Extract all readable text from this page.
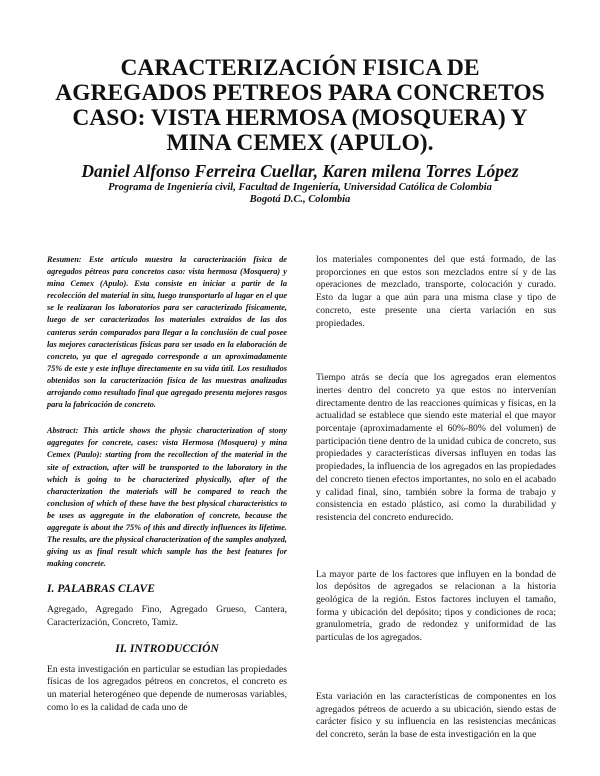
CARACTERIZACIÓN FISICA DE
AGREGADOS PETREOS PARA CONCRETOS
CASO: VISTA HERMOSA (MOSQUERA) Y
MINA CEMEX (APULO).

Daniel Alfonso Ferreira Cuellar, Karen milena Torres López

Programa de Ingeniería civil, Facultad de Ingeniería, Universidad Católica de Colombia
Bogotá D.C., Colombia

Resumen: Este artículo muestra la caracterización física de agregados pétreos para concretos caso: vista hermosa (Mosquera) y mina Cemex (Apulo). Esta consiste en iniciar a partir de la recolección del material in situ, luego transportarlo al lugar en el que se le realizaran los laboratorios para ser caracterizado físicamente, luego de ser caracterizados los materiales extraídos de las dos canteras serán comparados para llegar a la conclusión de cual posee las mejores características físicas para ser usado en la elaboración de concreto, ya que el agregado corresponde a un aproximadamente 75% de este y este influye directamente en su vida útil. Los resultados obtenidos son la caracterización física de las muestras analizadas arrojando como resultado final que agregado presenta mejores rasgos para la fabricación de concreto.

Abstract: This article shows the physic characterization of stony aggregates for concrete, cases: vista Hermosa (Mosquera) y mina Cemex (Paulo): starting from the recollection of the material in the site of extraction, after will be transported to the laboratory in the which is going to be characterized physically, after of the characterization the materials will be compared to reach the conclusion of which of these have the best physical characteristics to be uses as aggregate in the elaboration of concrete, because the aggregate is about the 75% of this and directly influences its lifetime. The results, are the physical characterization of the samples analyzed, giving us as final result which sample has the best features for making concrete.

I. PALABRAS CLAVE

Agregado, Agregado Fino, Agregado Grueso, Cantera, Caracterización, Concreto, Tamiz.

II. INTRODUCCIÓN

En esta investigación en particular se estudian las propiedades físicas de los agregados pétreos en concretos, el concreto es un material heterogéneo que depende de numerosas variables, como lo es la calidad de cada uno de

los materiales componentes del que está formado, de las proporciones en que estos son mezclados entre sí y de las operaciones de mezclado, transporte, colocación y curado. Esto da lugar a que aún para una misma clase y tipo de concreto, este presente una cierta variación en sus propiedades.

Tiempo atrás se decía que los agregados eran elementos inertes dentro del concreto ya que estos no intervenían directamente dentro de las reacciones químicas y físicas, en la actualidad se establece que siendo este material el que mayor porcentaje (aproximadamente el 60%-80% del volumen) de participación tiene dentro de la unidad cubica de concreto, sus propiedades y características diversas influyen en todas las propiedades, la influencia de los agregados en las propiedades del concreto tienen efectos importantes, no solo en el acabado y calidad final, sino, también sobre la forma de trabajo y consistencia en estado plástico, así como la durabilidad y resistencia del concreto endurecido.

La mayor parte de los factores que influyen en la bondad de los depósitos de agregados se relacionan a la historia geológica de la región. Estos factores incluyen el tamaño, forma y ubicación del depósito; tipos y condiciones de roca; granulometría, grado de redondez y uniformidad de las partículas de los agregados.

Esta variación en las características de componentes en los agregados pétreos de acuerdo a su ubicación, siendo estas de carácter físico y su influencia en las resistencias mecánicas del concreto, serán la base de esta investigación en la que
